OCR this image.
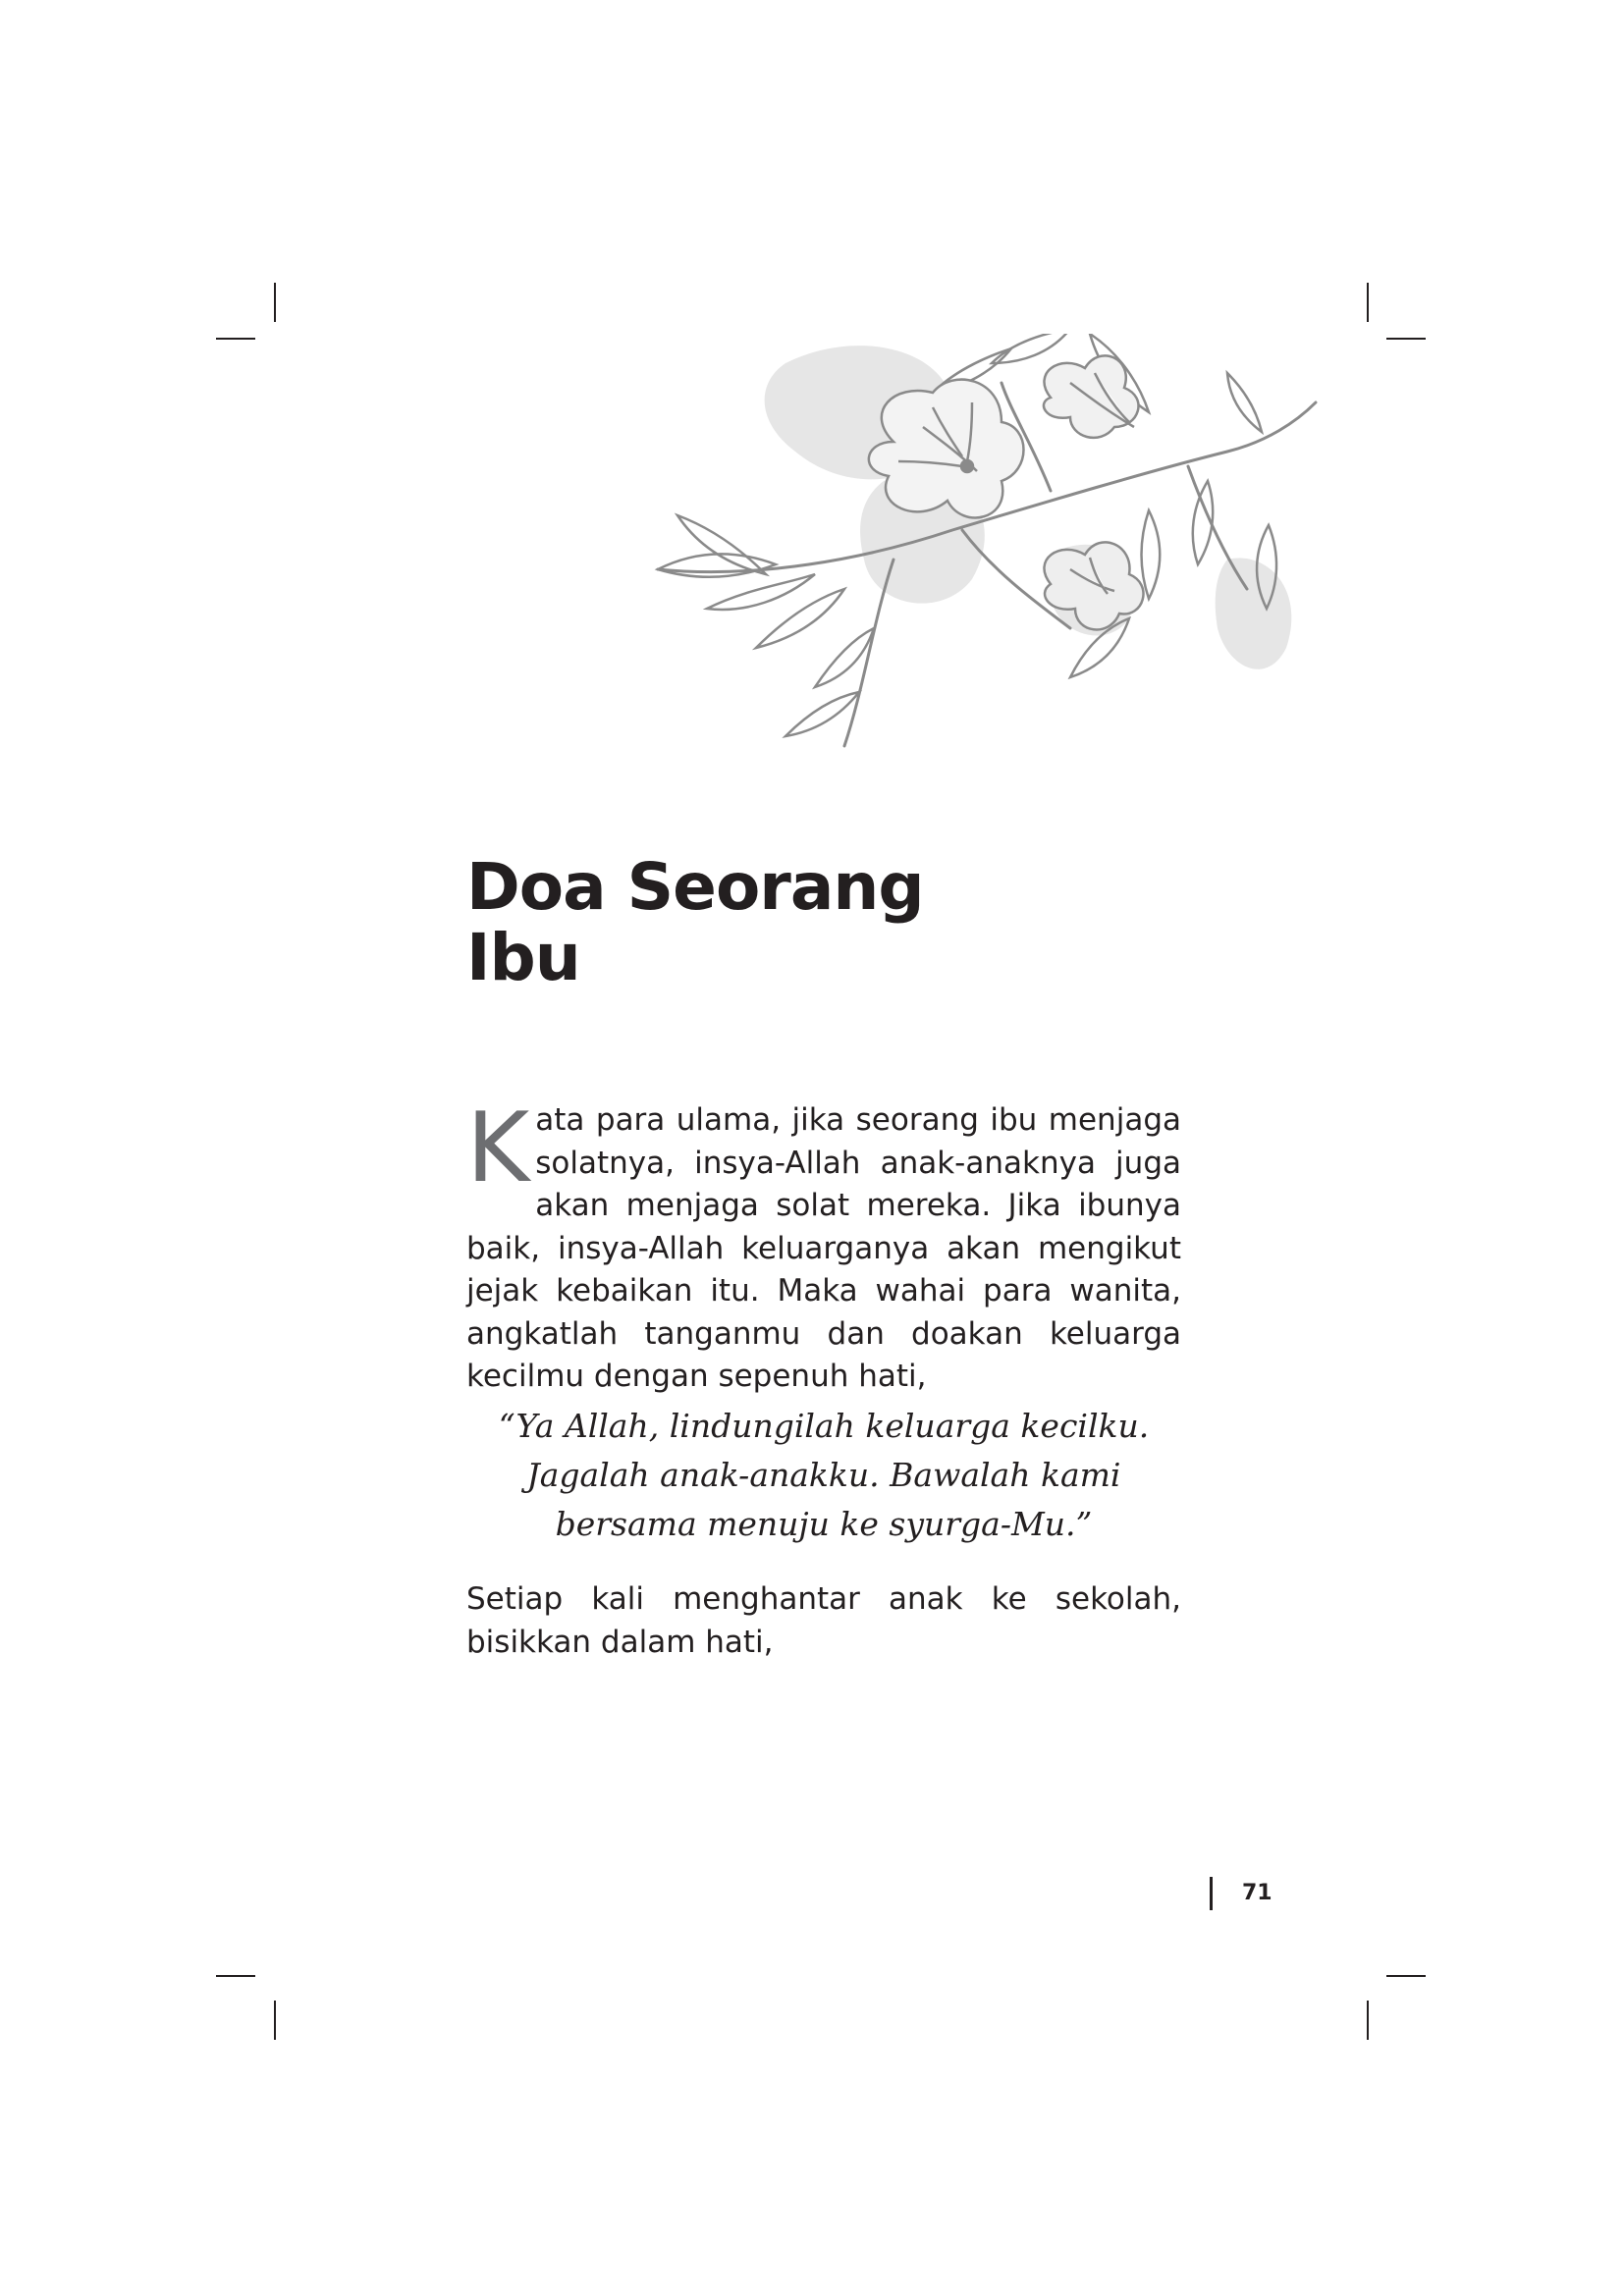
Doa Seorang
Ibu
Kata para ulama, jika seorang ibu menjaga solatnya, insya-Allah anak-anaknya juga akan menjaga solat mereka. Jika ibunya baik, insya-Allah keluarganya akan mengikut jejak kebaikan itu. Maka wahai para wanita, angkatlah tanganmu dan doakan keluarga kecilmu dengan sepenuh hati,
“Ya Allah, lindungilah keluarga kecilku.
Jagalah anak-anakku. Bawalah kami
bersama menuju ke syurga-Mu.”
Setiap kali menghantar anak ke sekolah, bisikkan dalam hati,
71
